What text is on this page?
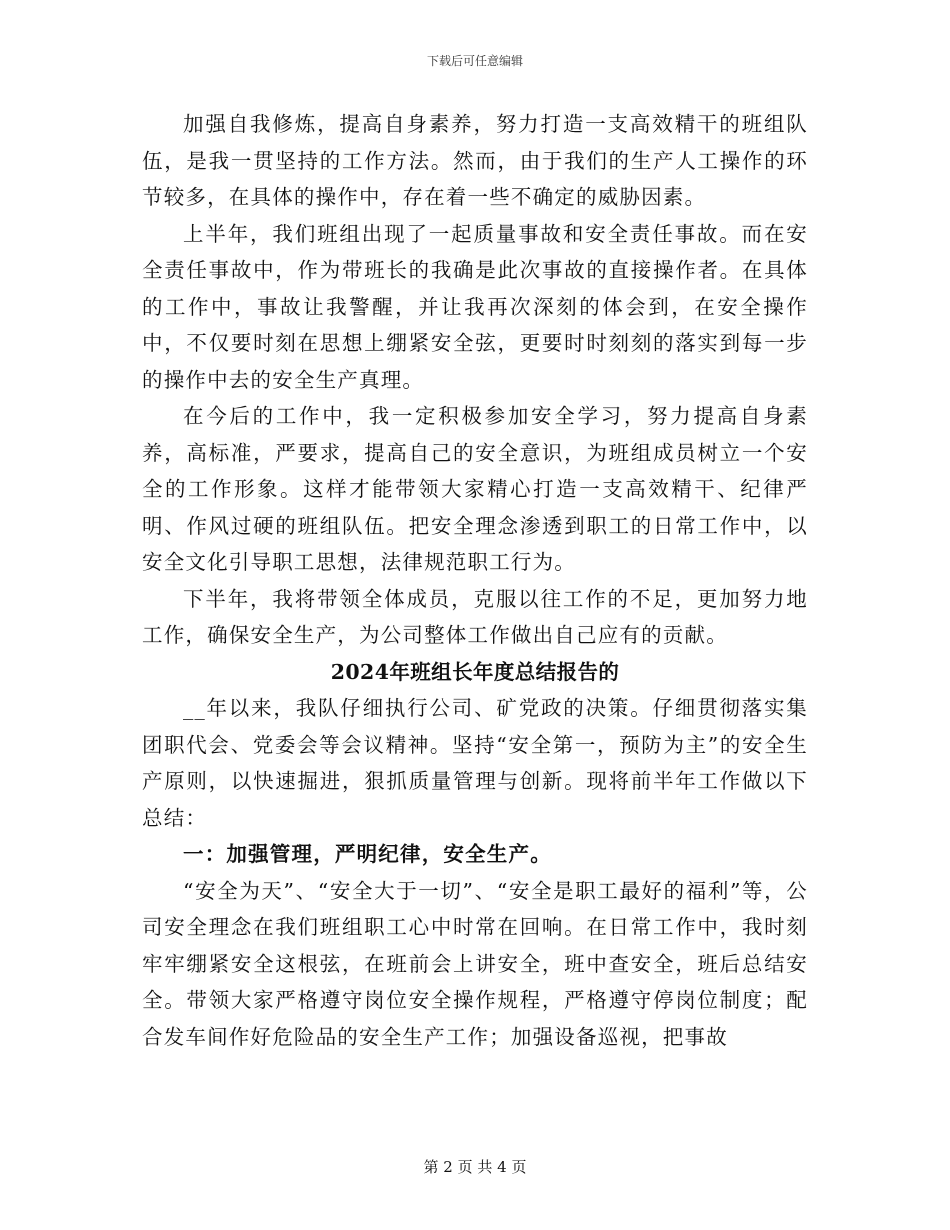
下载后可任意编辑

加强自我修炼，提高自身素养，努力打造一支高效精干的班组队伍，是我一贯坚持的工作方法。然而，由于我们的生产人工操作的环节较多，在具体的操作中，存在着一些不确定的威胁因素。

上半年，我们班组出现了一起质量事故和安全责任事故。而在安全责任事故中，作为带班长的我确是此次事故的直接操作者。在具体的工作中，事故让我警醒，并让我再次深刻的体会到，在安全操作中，不仅要时刻在思想上绷紧安全弦，更要时时刻刻的落实到每一步的操作中去的安全生产真理。

在今后的工作中，我一定积极参加安全学习，努力提高自身素养，高标准，严要求，提高自己的安全意识，为班组成员树立一个安全的工作形象。这样才能带领大家精心打造一支高效精干、纪律严明、作风过硬的班组队伍。把安全理念渗透到职工的日常工作中，以安全文化引导职工思想，法律规范职工行为。

下半年，我将带领全体成员，克服以往工作的不足，更加努力地工作，确保安全生产，为公司整体工作做出自己应有的贡献。

2024年班组长年度总结报告的

__年以来，我队仔细执行公司、矿党政的决策。仔细贯彻落实集团职代会、党委会等会议精神。坚持“安全第一，预防为主”的安全生产原则，以快速掘进，狠抓质量管理与创新。现将前半年工作做以下总结：

一：加强管理，严明纪律，安全生产。

“安全为天”、“安全大于一切”、“安全是职工最好的福利”等，公司安全理念在我们班组职工心中时常在回响。在日常工作中，我时刻牢牢绷紧安全这根弦，在班前会上讲安全，班中查安全，班后总结安全。带领大家严格遵守岗位安全操作规程，严格遵守停岗位制度；配合发车间作好危险品的安全生产工作；加强设备巡视，把事故

第 2 页 共 4 页
